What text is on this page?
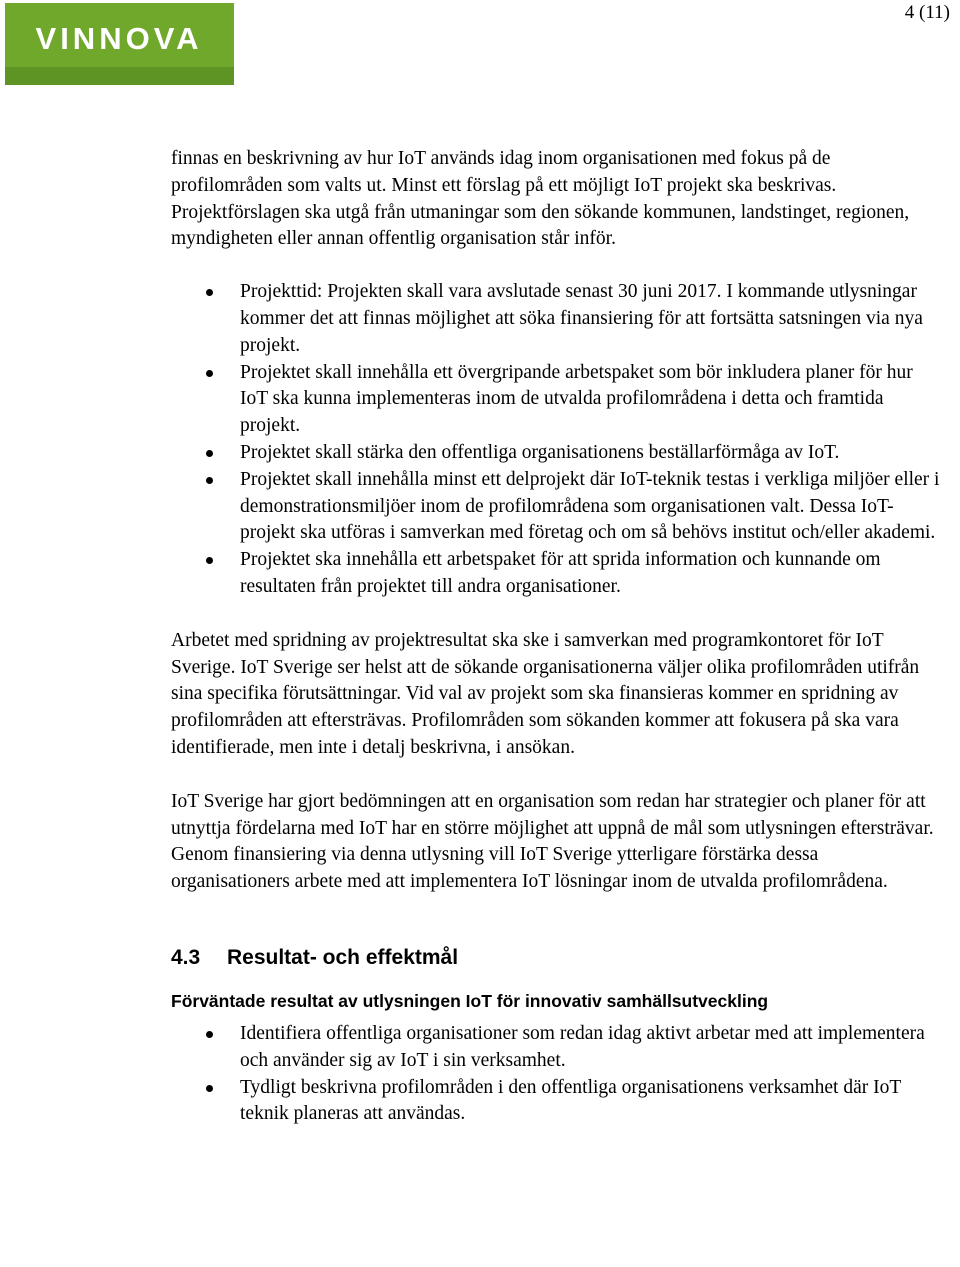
VINNOVA
4 (11)

finnas en beskrivning av hur IoT används idag inom organisationen med fokus på de profilområden som valts ut. Minst ett förslag på ett möjligt IoT projekt ska beskrivas. Projektförslagen ska utgå från utmaningar som den sökande kommunen, landstinget, regionen, myndigheten eller annan offentlig organisation står inför.

Projekttid: Projekten skall vara avslutade senast 30 juni 2017. I kommande utlysningar kommer det att finnas möjlighet att söka finansiering för att fortsätta satsningen via nya projekt.
Projektet skall innehålla ett övergripande arbetspaket som bör inkludera planer för hur IoT ska kunna implementeras inom de utvalda profilområdena i detta och framtida projekt.
Projektet skall stärka den offentliga organisationens beställarförmåga av IoT.
Projektet skall innehålla minst ett delprojekt där IoT-teknik testas i verkliga miljöer eller i demonstrationsmiljöer inom de profilområdena som organisationen valt. Dessa IoT-projekt ska utföras i samverkan med företag och om så behövs institut och/eller akademi.
Projektet ska innehålla ett arbetspaket för att sprida information och kunnande om resultaten från projektet till andra organisationer.

Arbetet med spridning av projektresultat ska ske i samverkan med programkontoret för IoT Sverige. IoT Sverige ser helst att de sökande organisationerna väljer olika profilområden utifrån sina specifika förutsättningar. Vid val av projekt som ska finansieras kommer en spridning av profilområden att eftersträvas. Profilområden som sökanden kommer att fokusera på ska vara identifierade, men inte i detalj beskrivna, i ansökan.

IoT Sverige har gjort bedömningen att en organisation som redan har strategier och planer för att utnyttja fördelarna med IoT har en större möjlighet att uppnå de mål som utlysningen eftersträvar. Genom finansiering via denna utlysning vill IoT Sverige ytterligare förstärka dessa organisationers arbete med att implementera IoT lösningar inom de utvalda profilområdena.

4.3 Resultat- och effektmål
Förväntade resultat av utlysningen IoT för innovativ samhällsutveckling
Identifiera offentliga organisationer som redan idag aktivt arbetar med att implementera och använder sig av IoT i sin verksamhet.
Tydligt beskrivna profilområden i den offentliga organisationens verksamhet där IoT teknik planeras att användas.
